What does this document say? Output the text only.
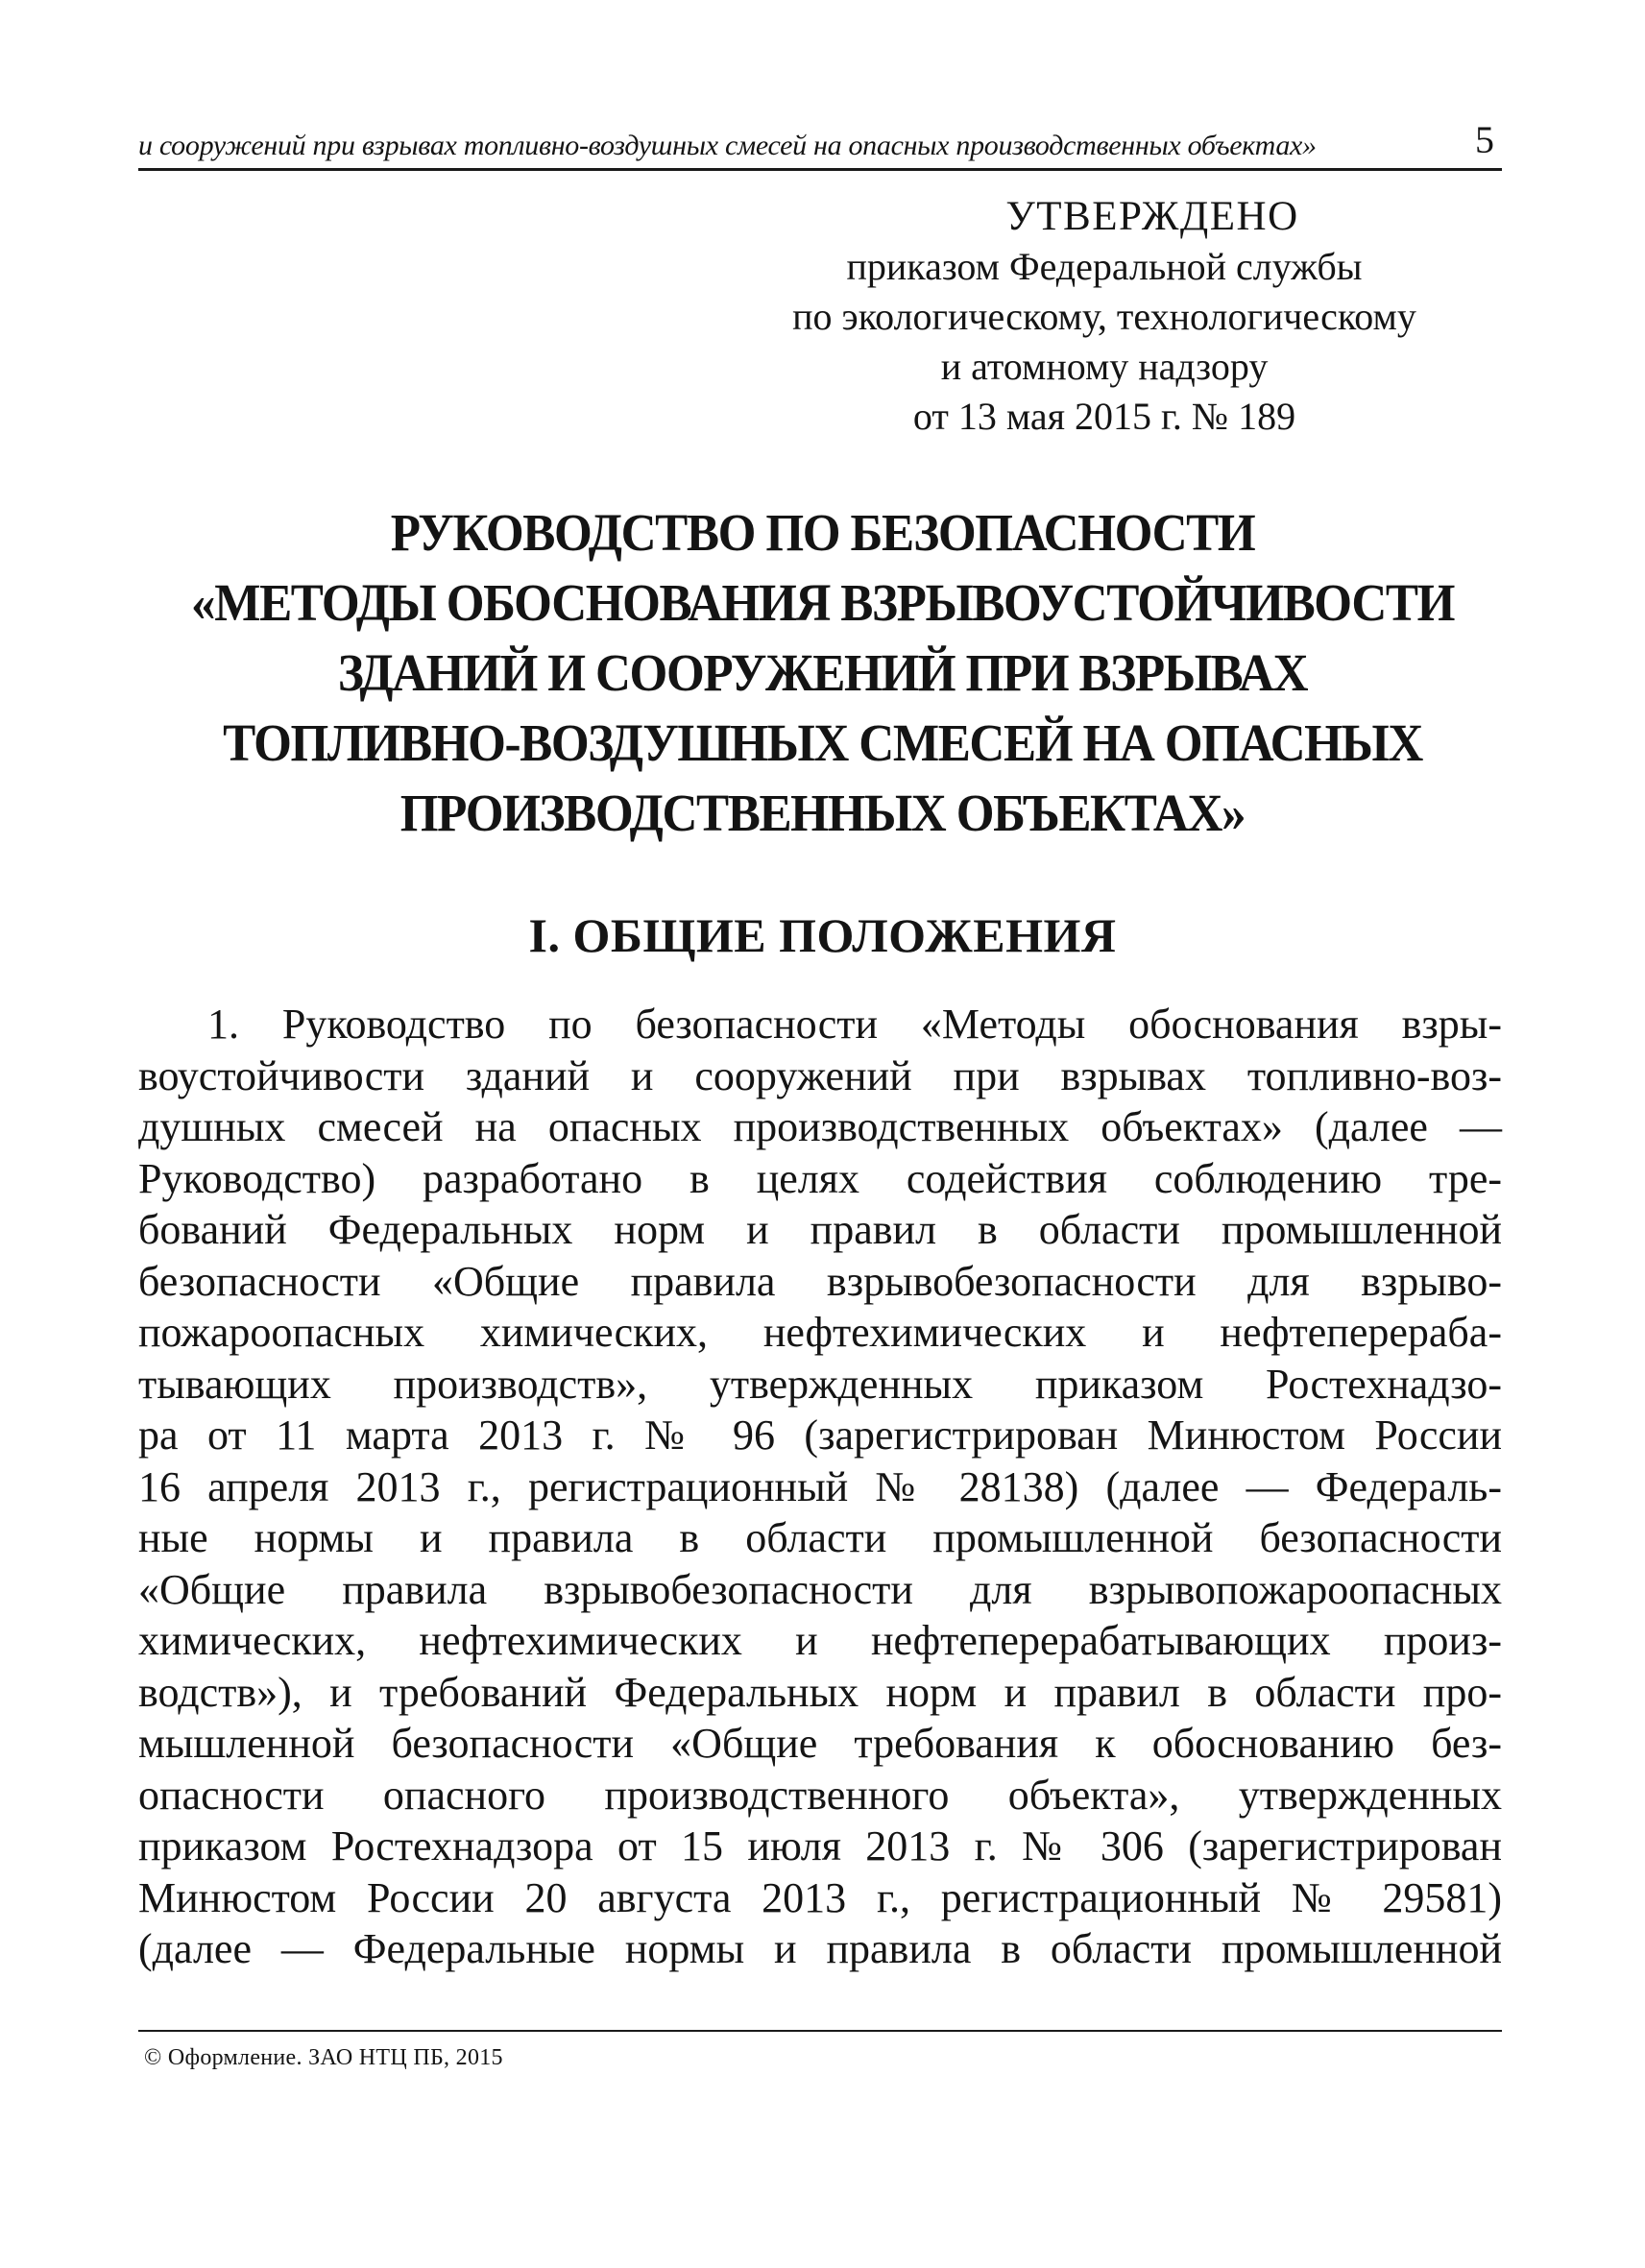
и сооружений при взрывах топливно-воздушных смесей на опасных производственных объектах»	5
УТВЕРЖДЕНО
приказом Федеральной службы
по экологическому, технологическому
и атомному надзору
от 13 мая 2015 г. № 189
РУКОВОДСТВО ПО БЕЗОПАСНОСТИ
«МЕТОДЫ ОБОСНОВАНИЯ ВЗРЫВОУСТОЙЧИВОСТИ
ЗДАНИЙ И СООРУЖЕНИЙ ПРИ ВЗРЫВАХ
ТОПЛИВНО-ВОЗДУШНЫХ СМЕСЕЙ НА ОПАСНЫХ
ПРОИЗВОДСТВЕННЫХ ОБЪЕКТАХ»
I. ОБЩИЕ ПОЛОЖЕНИЯ
1. Руководство по безопасности «Методы обоснования взры-
воустойчивости зданий и сооружений при взрывах топливно-воз-
душных смесей на опасных производственных объектах» (далее —
Руководство) разработано в целях содействия соблюдению тре-
бований Федеральных норм и правил в области промышленной
безопасности «Общие правила взрывобезопасности для взрыво-
пожароопасных химических, нефтехимических и нефтеперераба-
тывающих производств», утвержденных приказом Ростехнадзо-
ра от 11 марта 2013 г. № 96 (зарегистрирован Минюстом России
16 апреля 2013 г., регистрационный № 28138) (далее — Федераль-
ные нормы и правила в области промышленной безопасности
«Общие правила взрывобезопасности для взрывопожароопасных
химических, нефтехимических и нефтеперерабатывающих произ-
водств»), и требований Федеральных норм и правил в области про-
мышленной безопасности «Общие требования к обоснованию без-
опасности опасного производственного объекта», утвержденных
приказом Ростехнадзора от 15 июля 2013 г. № 306 (зарегистрирован
Минюстом России 20 августа 2013 г., регистрационный № 29581)
(далее — Федеральные нормы и правила в области промышленной
© Оформление. ЗАО НТЦ ПБ, 2015
